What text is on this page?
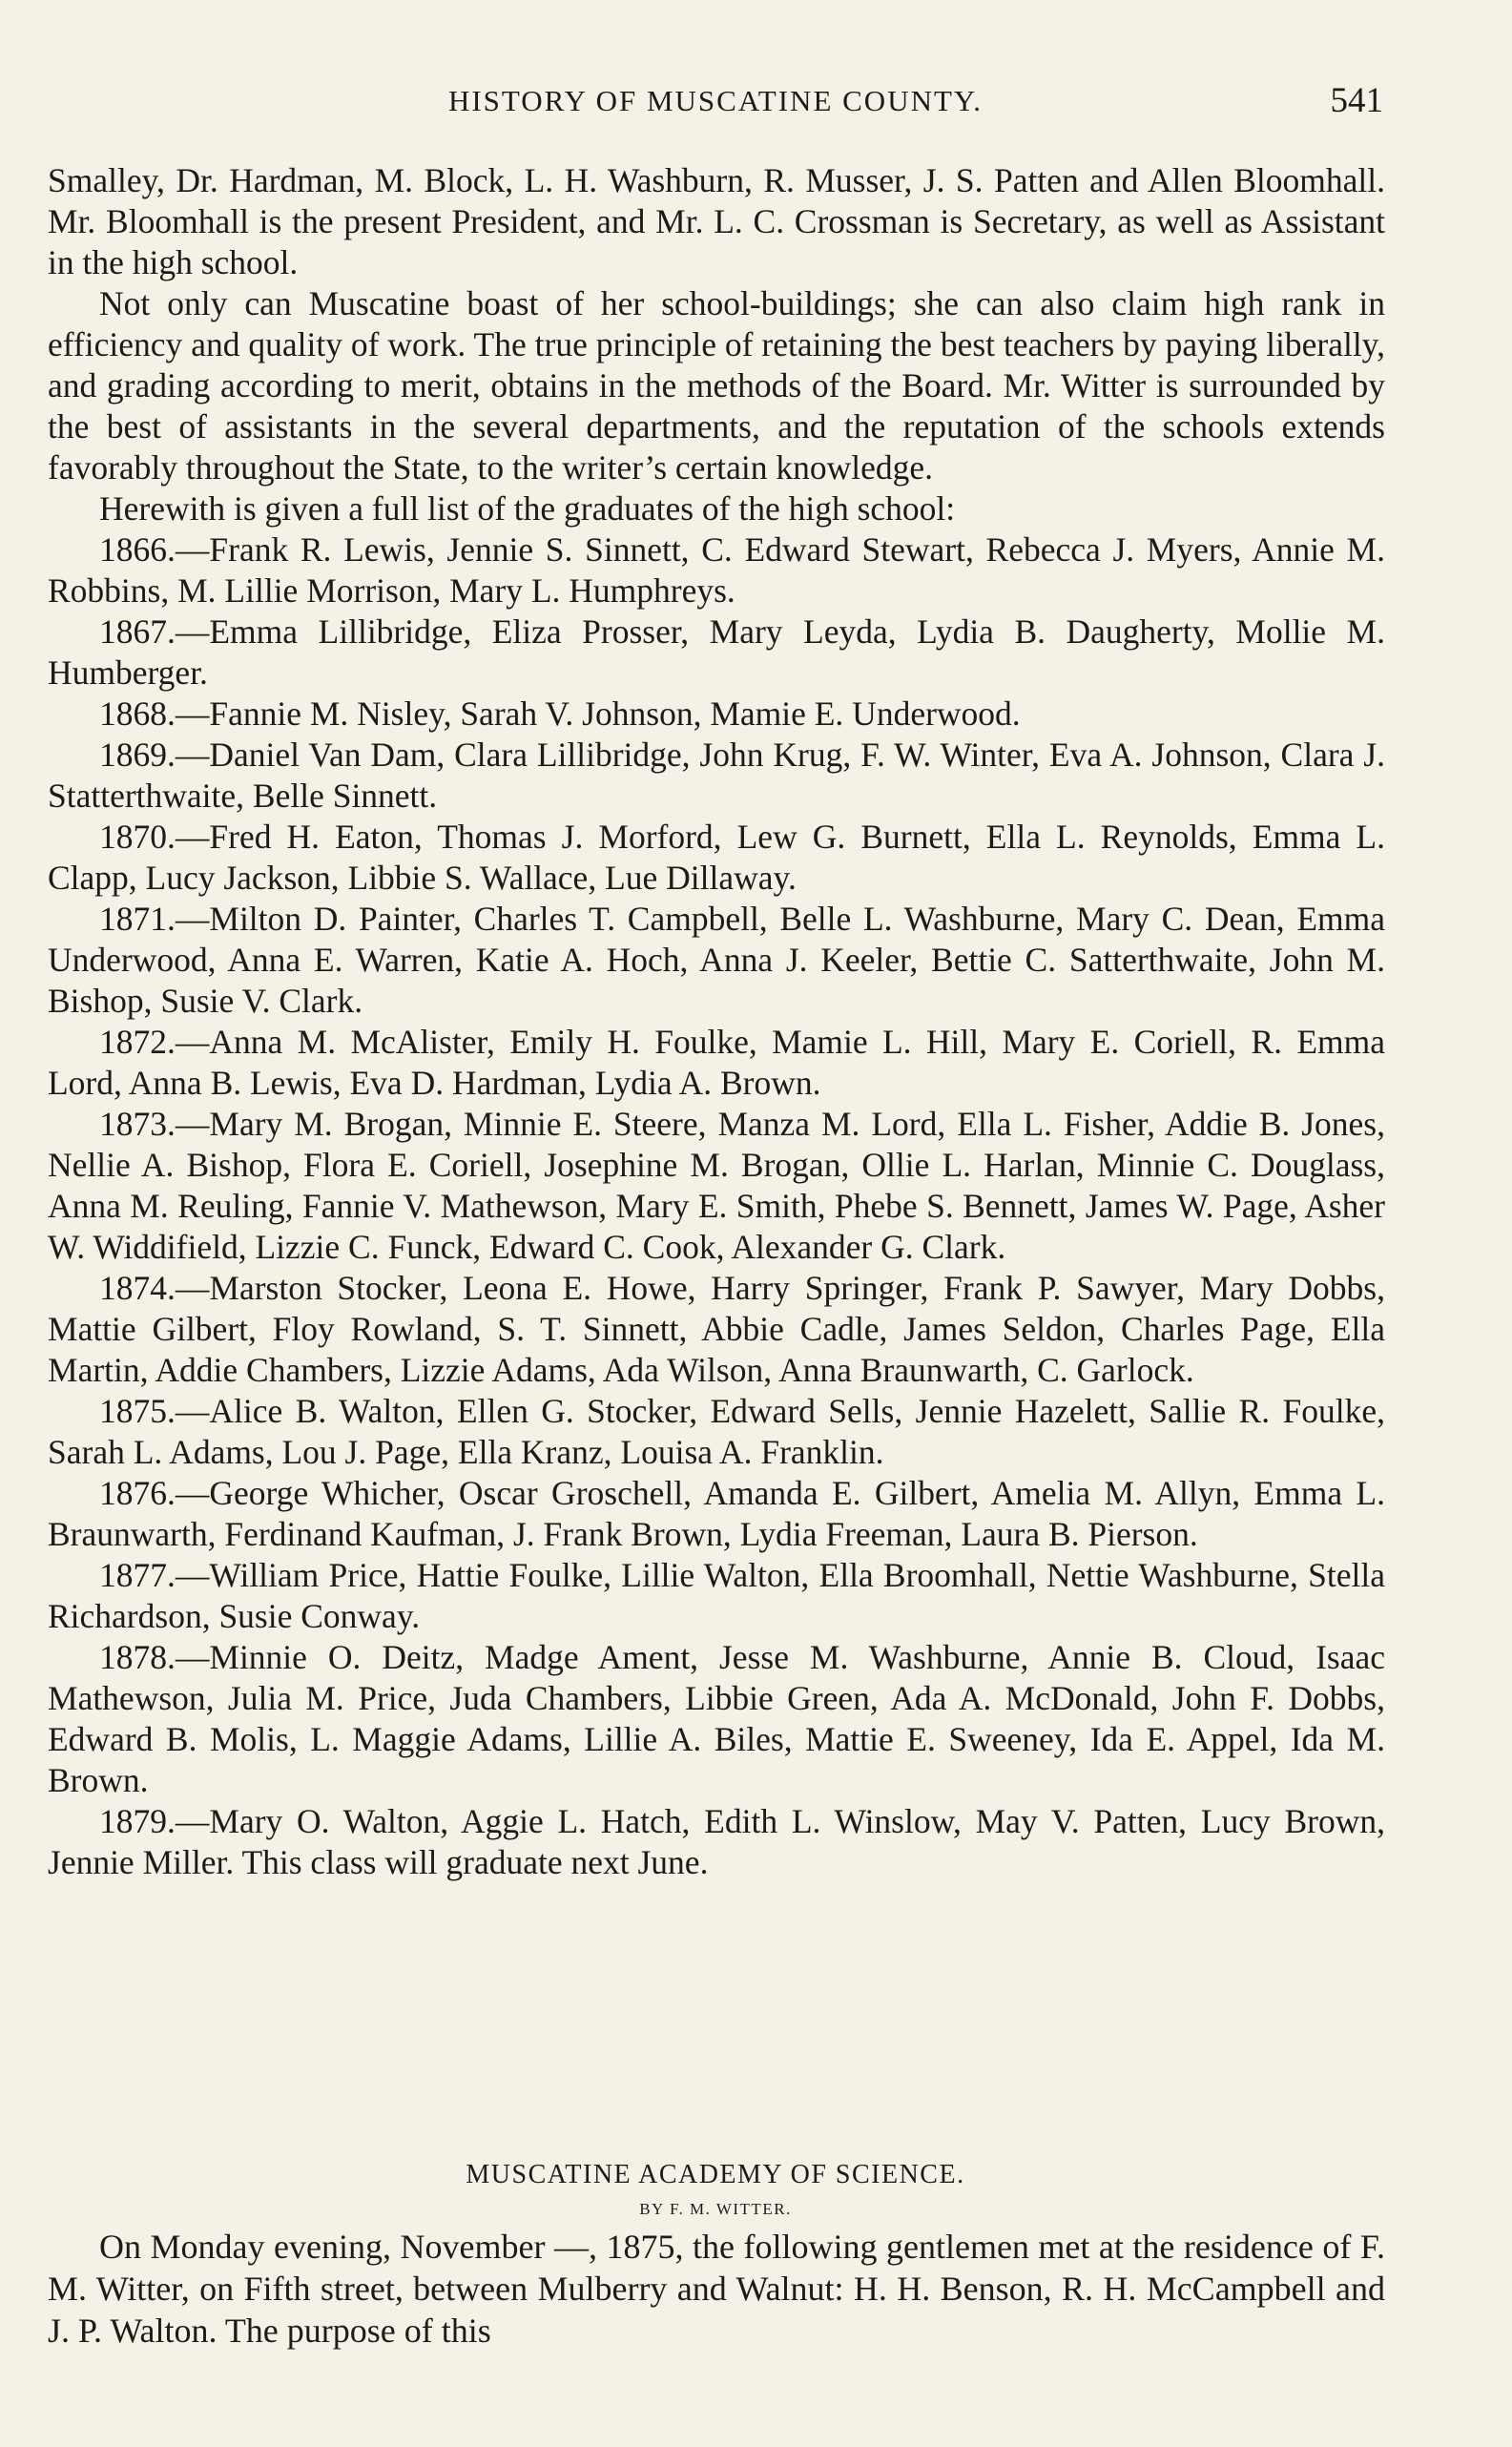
HISTORY OF MUSCATINE COUNTY.	541

Smalley, Dr. Hardman, M. Block, L. H. Washburn, R. Musser, J. S. Patten and Allen Bloomhall. Mr. Bloomhall is the present President, and Mr. L. C. Crossman is Secretary, as well as Assistant in the high school.

Not only can Muscatine boast of her school-buildings; she can also claim high rank in efficiency and quality of work. The true principle of retaining the best teachers by paying liberally, and grading according to merit, obtains in the methods of the Board. Mr. Witter is surrounded by the best of assistants in the several departments, and the reputation of the schools extends favorably throughout the State, to the writer’s certain knowledge.

Herewith is given a full list of the graduates of the high school:

1866.—Frank R. Lewis, Jennie S. Sinnett, C. Edward Stewart, Rebecca J. Myers, Annie M. Robbins, M. Lillie Morrison, Mary L. Humphreys.

1867.—Emma Lillibridge, Eliza Prosser, Mary Leyda, Lydia B. Daugherty, Mollie M. Humberger.

1868.—Fannie M. Nisley, Sarah V. Johnson, Mamie E. Underwood.

1869.—Daniel Van Dam, Clara Lillibridge, John Krug, F. W. Winter, Eva A. Johnson, Clara J. Statterthwaite, Belle Sinnett.

1870.—Fred H. Eaton, Thomas J. Morford, Lew G. Burnett, Ella L. Reynolds, Emma L. Clapp, Lucy Jackson, Libbie S. Wallace, Lue Dillaway.

1871.—Milton D. Painter, Charles T. Campbell, Belle L. Washburne, Mary C. Dean, Emma Underwood, Anna E. Warren, Katie A. Hoch, Anna J. Keeler, Bettie C. Satterthwaite, John M. Bishop, Susie V. Clark.

1872.—Anna M. McAlister, Emily H. Foulke, Mamie L. Hill, Mary E. Coriell, R. Emma Lord, Anna B. Lewis, Eva D. Hardman, Lydia A. Brown.

1873.—Mary M. Brogan, Minnie E. Steere, Manza M. Lord, Ella L. Fisher, Addie B. Jones, Nellie A. Bishop, Flora E. Coriell, Josephine M. Brogan, Ollie L. Harlan, Minnie C. Douglass, Anna M. Reuling, Fannie V. Mathewson, Mary E. Smith, Phebe S. Bennett, James W. Page, Asher W. Widdifield, Lizzie C. Funck, Edward C. Cook, Alexander G. Clark.

1874.—Marston Stocker, Leona E. Howe, Harry Springer, Frank P. Sawyer, Mary Dobbs, Mattie Gilbert, Floy Rowland, S. T. Sinnett, Abbie Cadle, James Seldon, Charles Page, Ella Martin, Addie Chambers, Lizzie Adams, Ada Wilson, Anna Braunwarth, C. Garlock.

1875.—Alice B. Walton, Ellen G. Stocker, Edward Sells, Jennie Hazelett, Sallie R. Foulke, Sarah L. Adams, Lou J. Page, Ella Kranz, Louisa A. Franklin.

1876.—George Whicher, Oscar Groschell, Amanda E. Gilbert, Amelia M. Allyn, Emma L. Braunwarth, Ferdinand Kaufman, J. Frank Brown, Lydia Freeman, Laura B. Pierson.

1877.—William Price, Hattie Foulke, Lillie Walton, Ella Broomhall, Nettie Washburne, Stella Richardson, Susie Conway.

1878.—Minnie O. Deitz, Madge Ament, Jesse M. Washburne, Annie B. Cloud, Isaac Mathewson, Julia M. Price, Juda Chambers, Libbie Green, Ada A. McDonald, John F. Dobbs, Edward B. Molis, L. Maggie Adams, Lillie A. Biles, Mattie E. Sweeney, Ida E. Appel, Ida M. Brown.

1879.—Mary O. Walton, Aggie L. Hatch, Edith L. Winslow, May V. Patten, Lucy Brown, Jennie Miller. This class will graduate next June.

MUSCATINE ACADEMY OF SCIENCE.
BY F. M. WITTER.

On Monday evening, November —, 1875, the following gentlemen met at the residence of F. M. Witter, on Fifth street, between Mulberry and Walnut: H. H. Benson, R. H. McCampbell and J. P. Walton. The purpose of this
